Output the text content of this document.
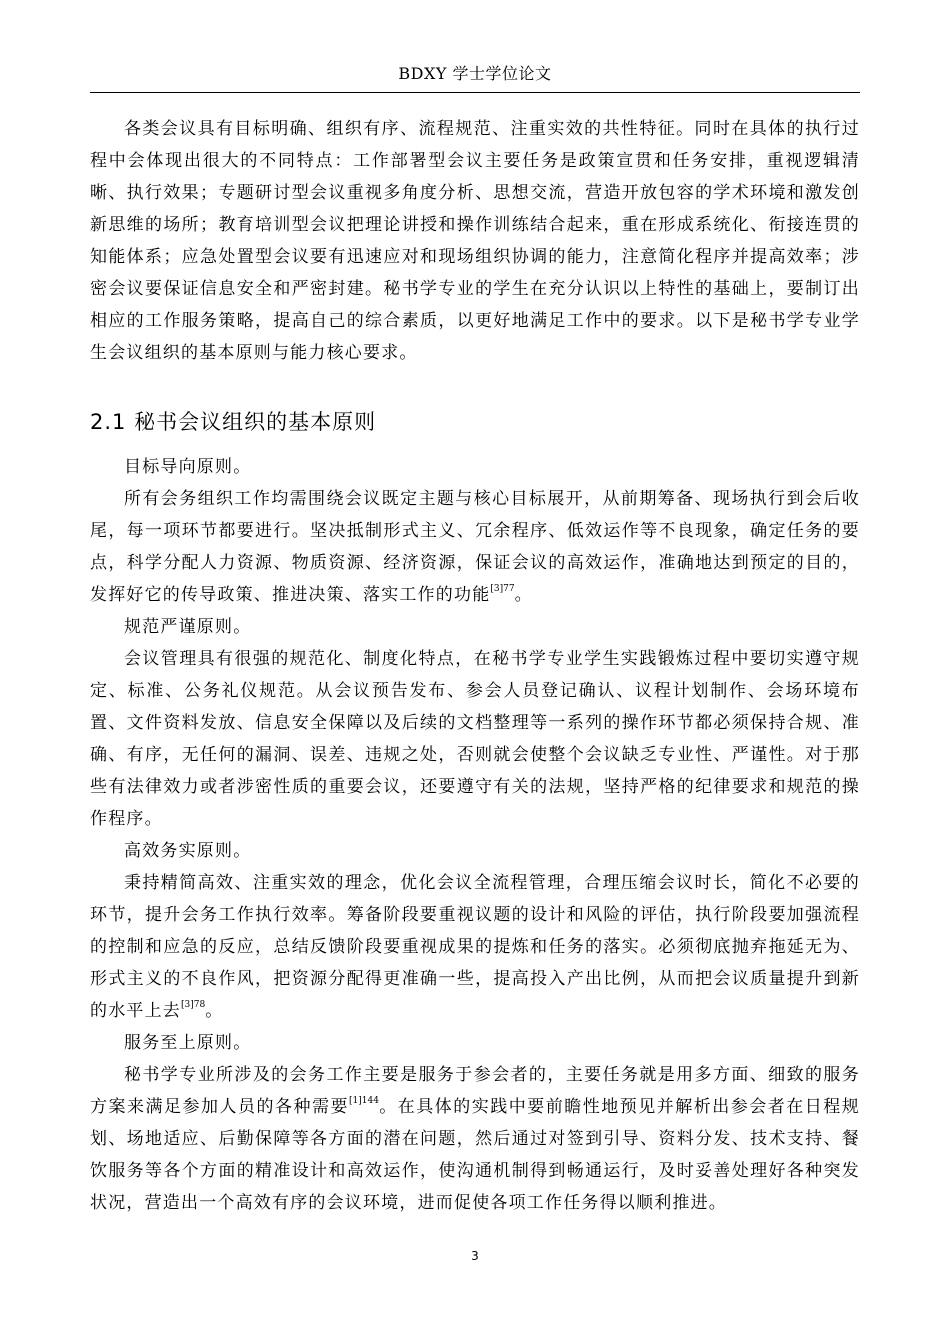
BDXY 学士学位论文

各类会议具有目标明确、组织有序、流程规范、注重实效的共性特征。同时在具体的执行过程中会体现出很大的不同特点：工作部署型会议主要任务是政策宣贯和任务安排，重视逻辑清晰、执行效果；专题研讨型会议重视多角度分析、思想交流，营造开放包容的学术环境和激发创新思维的场所；教育培训型会议把理论讲授和操作训练结合起来，重在形成系统化、衔接连贯的知能体系；应急处置型会议要有迅速应对和现场组织协调的能力，注意简化程序并提高效率；涉密会议要保证信息安全和严密封建。秘书学专业的学生在充分认识以上特性的基础上，要制订出相应的工作服务策略，提高自己的综合素质，以更好地满足工作中的要求。以下是秘书学专业学生会议组织的基本原则与能力核心要求。

2.1 秘书会议组织的基本原则

目标导向原则。

所有会务组织工作均需围绕会议既定主题与核心目标展开，从前期筹备、现场执行到会后收尾，每一项环节都要进行。坚决抵制形式主义、冗余程序、低效运作等不良现象，确定任务的要点，科学分配人力资源、物质资源、经济资源，保证会议的高效运作，准确地达到预定的目的，发挥好它的传导政策、推进决策、落实工作的功能$^{[3]77}$。

规范严谨原则。

会议管理具有很强的规范化、制度化特点，在秘书学专业学生实践锻炼过程中要切实遵守规定、标准、公务礼仪规范。从会议预告发布、参会人员登记确认、议程计划制作、会场环境布置、文件资料发放、信息安全保障以及后续的文档整理等一系列的操作环节都必须保持合规、准确、有序，无任何的漏洞、误差、违规之处，否则就会使整个会议缺乏专业性、严谨性。对于那些有法律效力或者涉密性质的重要会议，还要遵守有关的法规，坚持严格的纪律要求和规范的操作程序。

高效务实原则。

秉持精简高效、注重实效的理念，优化会议全流程管理，合理压缩会议时长，简化不必要的环节，提升会务工作执行效率。筹备阶段要重视议题的设计和风险的评估，执行阶段要加强流程的控制和应急的反应，总结反馈阶段要重视成果的提炼和任务的落实。必须彻底抛弃拖延无为、形式主义的不良作风，把资源分配得更准确一些，提高投入产出比例，从而把会议质量提升到新的水平上去$^{[3]78}$。

服务至上原则。

秘书学专业所涉及的会务工作主要是服务于参会者的，主要任务就是用多方面、细致的服务方案来满足参加人员的各种需要$^{[1]144}$。在具体的实践中要前瞻性地预见并解析出参会者在日程规划、场地适应、后勤保障等各方面的潜在问题，然后通过对签到引导、资料分发、技术支持、餐饮服务等各个方面的精准设计和高效运作，使沟通机制得到畅通运行，及时妥善处理好各种突发状况，营造出一个高效有序的会议环境，进而促使各项工作任务得以顺利推进。

3
